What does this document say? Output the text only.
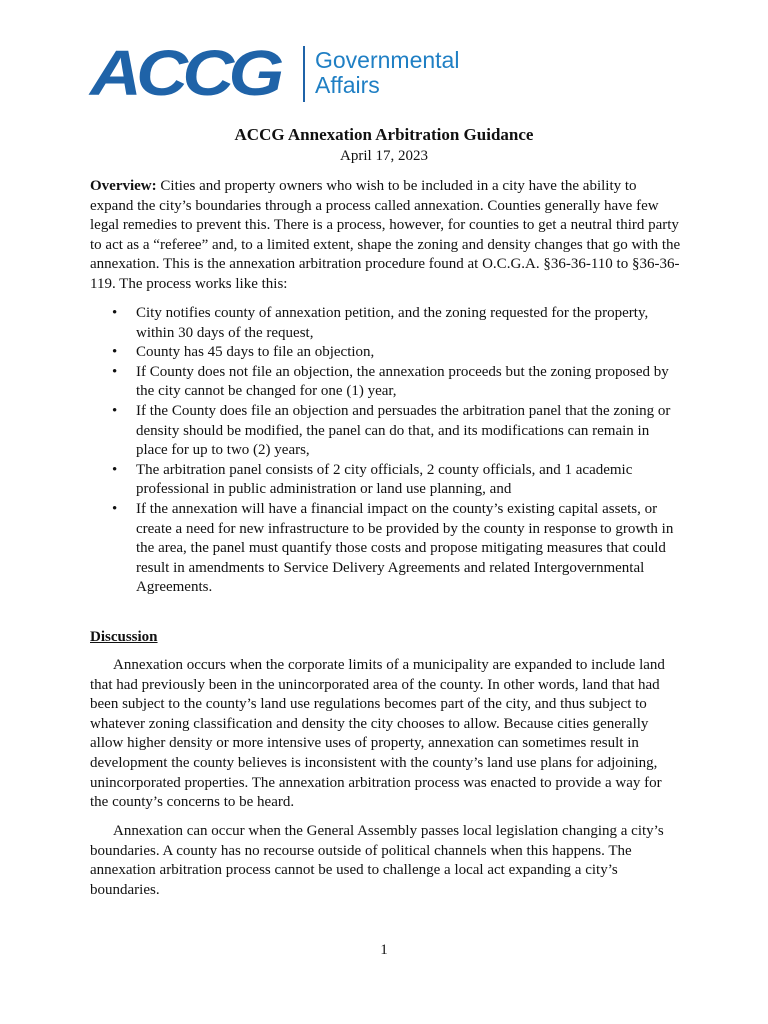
ACCG Governmental
Affairs
ACCG Annexation Arbitration Guidance
April 17, 2023
Overview: Cities and property owners who wish to be included in a city have the ability to expand the city’s boundaries through a process called annexation. Counties generally have few legal remedies to prevent this. There is a process, however, for counties to get a neutral third party to act as a “referee” and, to a limited extent, shape the zoning and density changes that go with the annexation. This is the annexation arbitration procedure found at O.C.G.A. §36-36-110 to §36-36-119. The process works like this:
• City notifies county of annexation petition, and the zoning requested for the property, within 30 days of the request,
• County has 45 days to file an objection,
• If County does not file an objection, the annexation proceeds but the zoning proposed by the city cannot be changed for one (1) year,
• If the County does file an objection and persuades the arbitration panel that the zoning or density should be modified, the panel can do that, and its modifications can remain in place for up to two (2) years,
• The arbitration panel consists of 2 city officials, 2 county officials, and 1 academic professional in public administration or land use planning, and
• If the annexation will have a financial impact on the county’s existing capital assets, or create a need for new infrastructure to be provided by the county in response to growth in the area, the panel must quantify those costs and propose mitigating measures that could result in amendments to Service Delivery Agreements and related Intergovernmental Agreements.
Discussion
Annexation occurs when the corporate limits of a municipality are expanded to include land that had previously been in the unincorporated area of the county. In other words, land that had been subject to the county’s land use regulations becomes part of the city, and thus subject to whatever zoning classification and density the city chooses to allow. Because cities generally allow higher density or more intensive uses of property, annexation can sometimes result in development the county believes is inconsistent with the county’s land use plans for adjoining, unincorporated properties. The annexation arbitration process was enacted to provide a way for the county’s concerns to be heard.
Annexation can occur when the General Assembly passes local legislation changing a city’s boundaries. A county has no recourse outside of political channels when this happens. The annexation arbitration process cannot be used to challenge a local act expanding a city’s boundaries.
1
